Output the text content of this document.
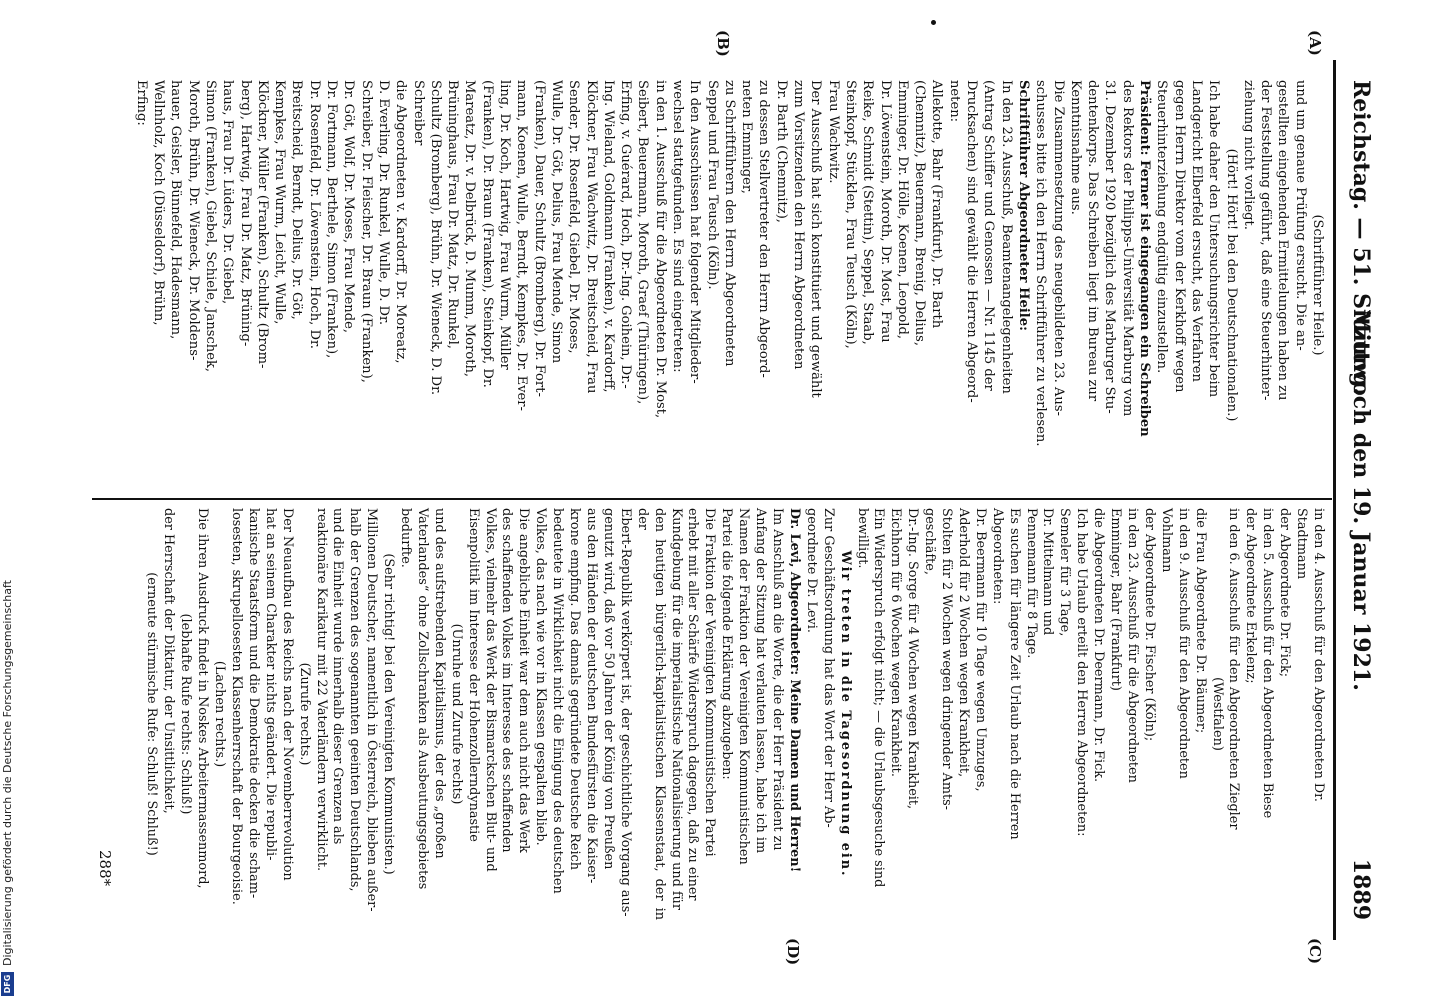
Reichstag. — 51. Sitzung.
Mittwoch den 19. Januar 1921.
1889
(A)
(B)
(C)
(D)

(Schriftführer Heile.)

und um genaue Prüfung ersucht. Die an-

gestellten eingehenden Ermittelungen haben zu

der Feststellung geführt, daß eine Steuerhinter-

ziehung nicht vorliegt.

(Hört! Hört! bei den Deutschnationalen.)

Ich habe daher den Untersuchungsrichter beim

Landgericht Elberfeld ersucht, das Verfahren

gegen Herrn Direktor vom der Kerkhoff wegen

Steuerhinterziehung endgültig einzustellen.

Präsident: Ferner ist eingegangen ein Schreiben

des Rektors der Philipps-Universität Marburg vom

31. Dezember 1920 bezüglich des Marburger Stu-

dentenkorps. Das Schreiben liegt im Bureau zur

Kenntnisnahme aus.

Die Zusammensetzung des neugebildeten 23. Aus-

schusses bitte ich den Herrn Schriftführer zu verlesen.

Schriftführer Abgeordneter Heile:

In den 23. Ausschuß, Beamtenangelegenheiten

(Antrag Schiffer und Genossen — Nr. 1145 der

Drucksachen) sind gewählt die Herren Abgeord-

neten:

Allekotte, Bahr (Frankfurt), Dr. Barth

(Chemnitz), Beuermann, Brenig, Delius,

Emminger, Dr. Hölle, Koenen, Leopold,

Dr. Löwenstein, Moroth, Dr. Most, Frau

Reike, Schmidt (Stettin), Seppel, Staab,

Steinkopf, Stücklen, Frau Teusch (Köln),

Frau Wachwitz.

Der Ausschuß hat sich konstituiert und gewählt

zum Vorsitzenden den Herrn Abgeordneten

Dr. Barth (Chemnitz),

zu dessen Stellvertreter den Herrn Abgeord-

neten Emminger,

zu Schriftführern den Herrn Abgeordneten

Seppel und Frau Teusch (Köln).

In den Ausschüssen hat folgender Mitglieder-

wechsel stattgefunden. Es sind eingetreten:

in den 1. Ausschuß für die Abgeordneten Dr. Most,

Seibert, Beuermann, Moroth, Graef (Thüringen),

Erfing, v. Guérard, Hoch, Dr.-Ing. Goihein, Dr.-

Ing. Wieland, Goldmann (Franken), v. Kardorff,

Klöckner, Frau Wachwitz, Dr. Breitscheid, Frau

Sender, Dr. Rosenfeld, Giebel, Dr. Moses,

Wulle, Dr. Göt, Delius, Frau Mende, Simon

(Franken), Dauer, Schultz (Bromberg), Dr. Fort-

mann, Koenen, Wulle, Berndt, Kempkes, Dr. Ever-

ling, Dr. Koch, Hartwig, Frau Wurm, Müller

(Franken), Dr. Braun (Franken), Steinkopf, Dr.

Mareatz, Dr. v. Delbrück, D. Mumm, Moroth,

Brüninghaus, Frau Dr. Matz, Dr. Runkel,

Schultz (Bromberg), Brühn, Dr. Wieneck, D. Dr.

Schreiber

die Abgeordneten v. Kardorff, Dr. Moreatz,

D. Everling, Dr. Runkel, Wulle, D. Dr.

Schreiber, Dr. Fleischer, Dr. Braun (Franken),

Dr. Göt, Wolf, Dr. Moses, Frau Mende,

Dr. Fortmann, Berthele, Simon (Franken),

Dr. Rosenfeld, Dr. Löwenstein, Hoch, Dr.

Breitscheid, Berndt, Delius, Dr. Göt,

Kempkes, Frau Wurm, Leicht, Wulle,

Klöckner, Müller (Franken), Schultz (Brom-

berg), Hartwig, Frau Dr. Matz, Brüning-

haus, Frau Dr. Lüders, Dr. Giebel,

Simon (Franken), Giebel, Schiele, Janschek,

Moroth, Brühn, Dr. Wieneck, Dr. Moldens-

hauer, Geisler, Bünnefeld, Hadesmann,

Wellnholz, Koch (Düsseldorf), Brühn,

Erfing:

in den 4. Ausschuß für den Abgeordneten Dr.

Stadtmann

der Abgeordnete Dr. Fick;

in den 5. Ausschuß für den Abgeordneten Biese

der Abgeordnete Erkelenz;

in den 6. Ausschuß für den Abgeordneten Ziegler

(Westfalen)

die Frau Abgeordnete Dr. Bäumer;

in den 9. Ausschuß für den Abgeordneten

Vohlmann

der Abgeordnete Dr. Fischer (Köln);

in den 23. Ausschuß für die Abgeordneten

Emminger, Bahr (Frankfurt)

die Abgeordneten Dr. Deermann, Dr. Fick.

Ich habe Urlaub erteilt den Herren Abgeordneten:

Semeler für 3 Tage,

Dr. Mittelmann und

Pennemann für 8 Tage.

Es suchen für längere Zeit Urlaub nach die Herren

Abgeordneten:

Dr. Beermann für 10 Tage wegen Umzuges,

Aderhold für 2 Wochen wegen Krankheit,

Stolten für 2 Wochen wegen dringender Amts-

geschäfte,

Dr.-Ing. Sorge für 4 Wochen wegen Krankheit,

Eichhorn für 6 Wochen wegen Krankheit.

Ein Widerspruch erfolgt nicht; — die Urlaubsgesuche sind

bewilligt.

Wir treten in die Tagesordnung ein.

Zur Geschäftsordnung hat das Wort der Herr Ab-

geordnete Dr. Levi.

Dr. Levi, Abgeordneter: Meine Damen und Herren!

Im Anschluß an die Worte, die der Herr Präsident zu

Anfang der Sitzung hat verlauten lassen, habe ich im

Namen der Fraktion der Vereinigten Kommunistischen

Partei die folgende Erklärung abzugeben:

Die Fraktion der Vereinigten Kommunistischen Partei

erhebt mit aller Schärfe Widerspruch dagegen, daß zu einer

Kundgebung für die imperialistische Nationalisierung und für

den heutigen bürgerlich-kapitalistischen Klassenstaat, der in der

Ebert-Republik verkörpert ist, der geschichtliche Vorgang aus-

genutzt wird, daß vor 50 Jahren der König von Preußen

aus den Händen der deutschen Bundesfürsten die Kaiser-

krone empfing. Das damals gegründete Deutsche Reich

bedeutete in Wirklichkeit nicht die Einigung des deutschen

Volkes, das nach wie vor in Klassen gespalten blieb.

Die angebliche Einheit war dem auch nicht das Werk

des schaffenden Volkes im Interesse des schaffenden

Volkes, vielmehr das Werk der Bismarckschen Blut- und

Eisenpolitik im Interesse der Hohenzollerndynastie

(Unruhe und Zurufe rechts)

und des aufstrebenden Kapitalismus, der des „großen

Vaterlandes“ ohne Zollschranken als Ausbeutungsgebietes

bedurfte.

(Sehr richtig! bei den Vereinigten Kommunisten.)

Millionen Deutscher, namentlich in Österreich, blieben außer-

halb der Grenzen des sogenannten geeinten Deutschlands,

und die Einheit wurde innerhalb dieser Grenzen als

reaktionäre Karikatur mit 22 Vaterländern verwirklicht.

(Zurufe rechts.)

Der Neuaufbau des Reichs nach der Novemberrevolution

hat an seinem Charakter nichts geändert. Die republi-

kanische Staatsform und die Demokratie decken die scham-

losesten, skrupellosesten Klassenherrschaft der Bourgeoisie.

(Lachen rechts.)

Die ihren Ausdruck findet in Noskes Arbeitermassenmord,

(lebhafte Rufe rechts: Schluß!)

der Herrschaft der Diktatur, der Unsittlichkeit,

(erneute stürmische Rufe: Schluß! Schluß!)

288*
Digitalisierung gefördert durch die Deutsche Forschungsgemeinschaft
DFG
